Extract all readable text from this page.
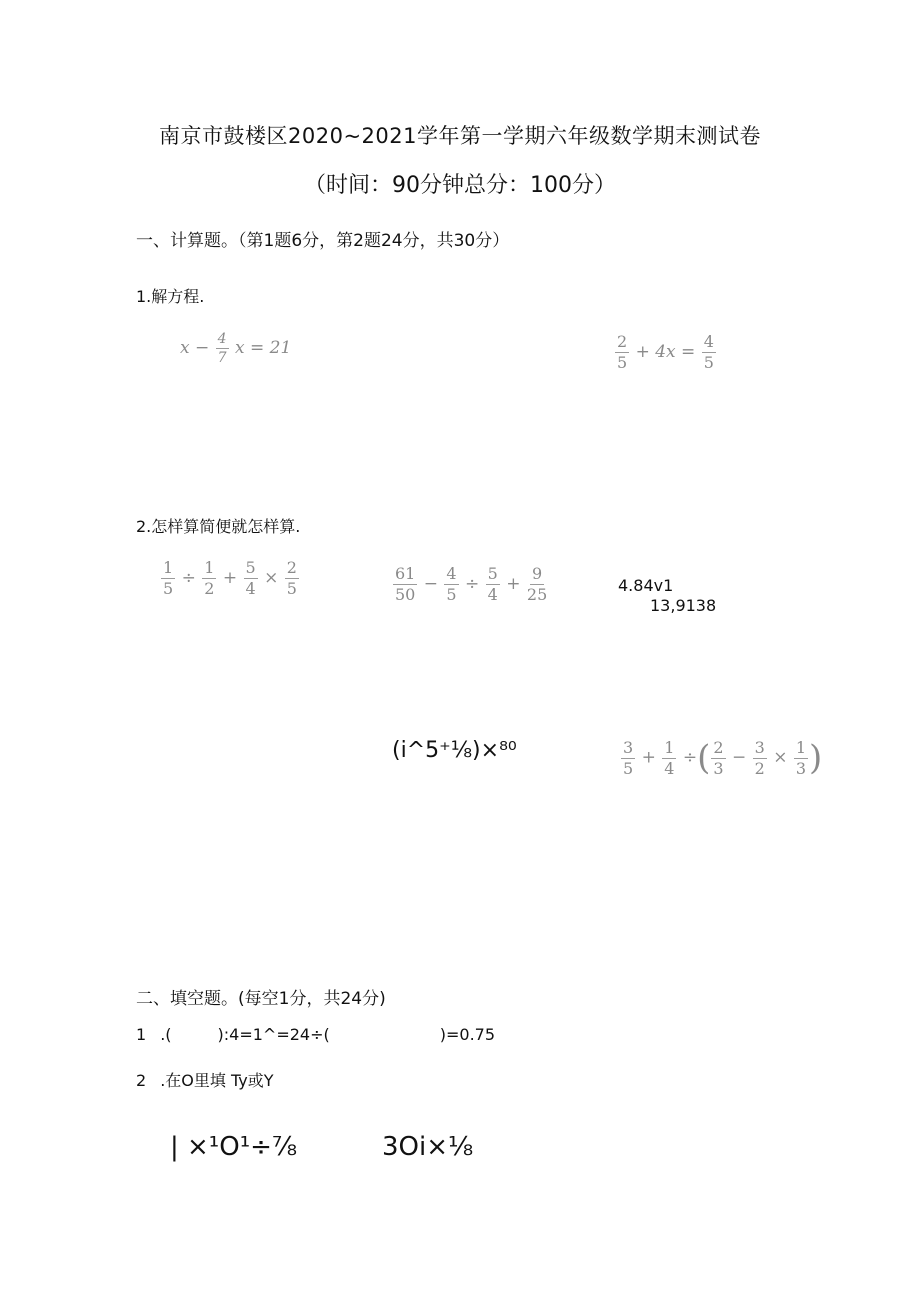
南京市鼓楼区2020~2021学年第一学期六年级数学期末测试卷
（时间：90分钟总分：100分）
一、计算题。（第1题6分，第2题24分，共30分）
1.解方程.
$x - \frac{4}{7}$ x = 21	$\frac{2}{5} + 4x = \frac{4}{5}$
2.怎样算简便就怎样算.
$\frac{1}{5} \div \frac{1}{2} + \frac{5}{4} \times \frac{2}{5}$	$\frac{61}{50} - \frac{4}{5} \div \frac{5}{4} + \frac{9}{25}$	4.84v1
13,9138
(i^5⁺⅛)×⁸⁰	$\frac{3}{5} + \frac{1}{4}$ ÷( $\frac{2}{3} - \frac{3}{2} \times \frac{1}{3}$ )
二、填空题。(每空1分，共24分)
1 .(	):4=1^=24÷(	)=0.75
2 .在O里填 Ty或Y
| ×¹O¹÷⅞	3Oi×⅛
